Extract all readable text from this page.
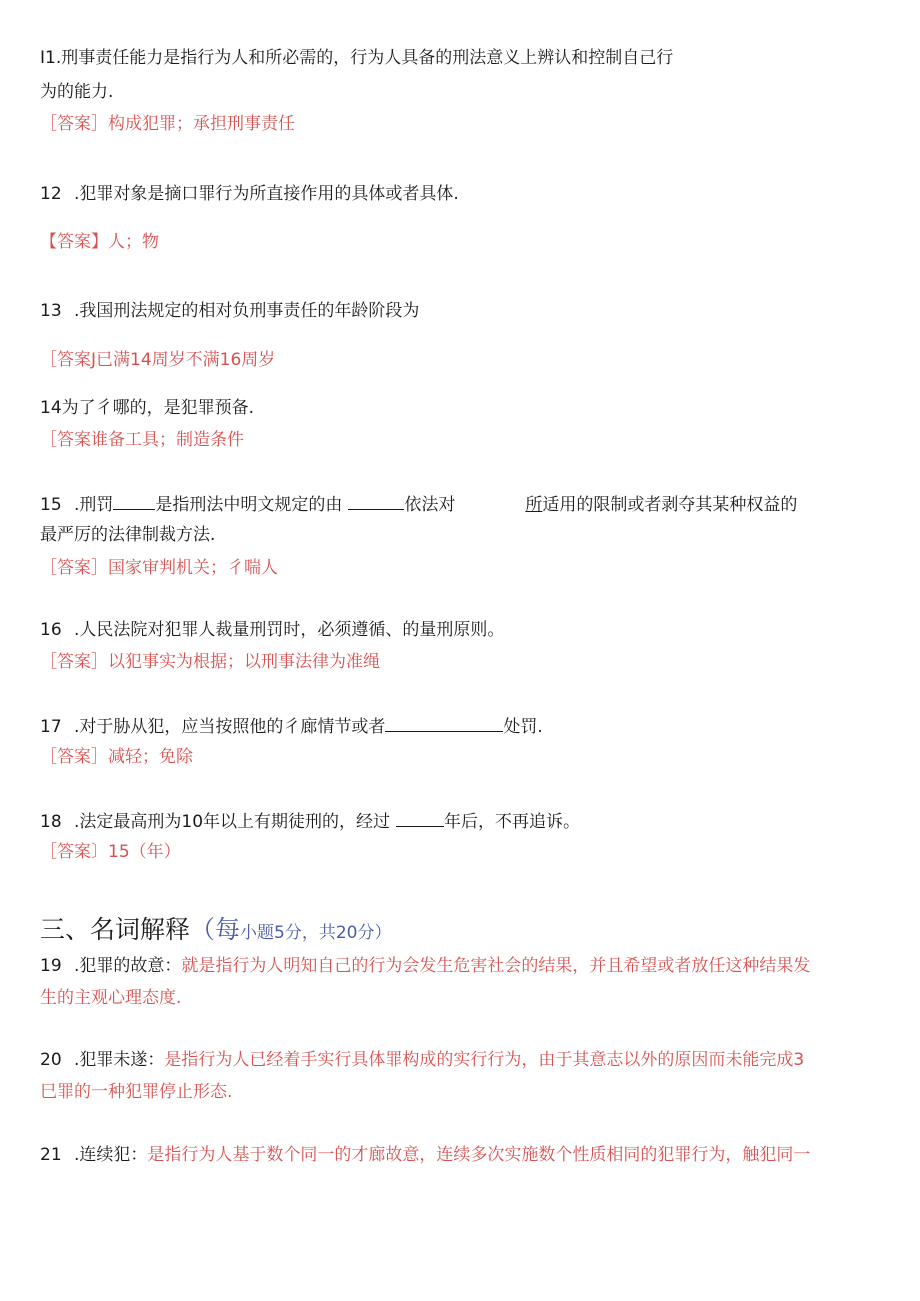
I1.刑事责任能力是指行为人和所必需的，行为人具备的刑法意义上辨认和控制自己行
为的能力.
［答案］构成犯罪；承担刑事责任
12 .犯罪对象是摘口罪行为所直接作用的具体或者具体.
【答案】人；物
13 .我国刑法规定的相对负刑事责任的年龄阶段为
［答案J已满14周岁不满16周岁
14为了彳哪的，是犯罪预备.
［答案谁备工具；制造条件
15 .刑罚 是指刑法中明文规定的由	依法对	所适用的限制或者剥夺其某种权益的
最严厉的法律制裁方法.
［答案］国家审判机关；彳喘人
16 .人民法院对犯罪人裁量刑罚时，必须遵循、的量刑原则。
［答案］以犯事实为根据；以刑事法律为准绳
17 .对于胁从犯，应当按照他的彳廊情节或者	处罚.
［答案］减轻；免除
18 .法定最高刑为10年以上有期徒刑的，经过	年后，不再追诉。
［答案〕15（年）
三、名词解释（每小题5分，共20分）
19 .犯罪的故意：就是指行为人明知自己的行为会发生危害社会的结果，并且希望或者放任这种结果发
生的主观心理态度.
20 .犯罪未遂：是指行为人已经着手实行具体罪构成的实行行为，由于其意志以外的原因而未能完成3
巳罪的一种犯罪停止形态.
21 .连续犯：是指行为人基于数个同一的才廊故意，连续多次实施数个性质相同的犯罪行为，触犯同一
